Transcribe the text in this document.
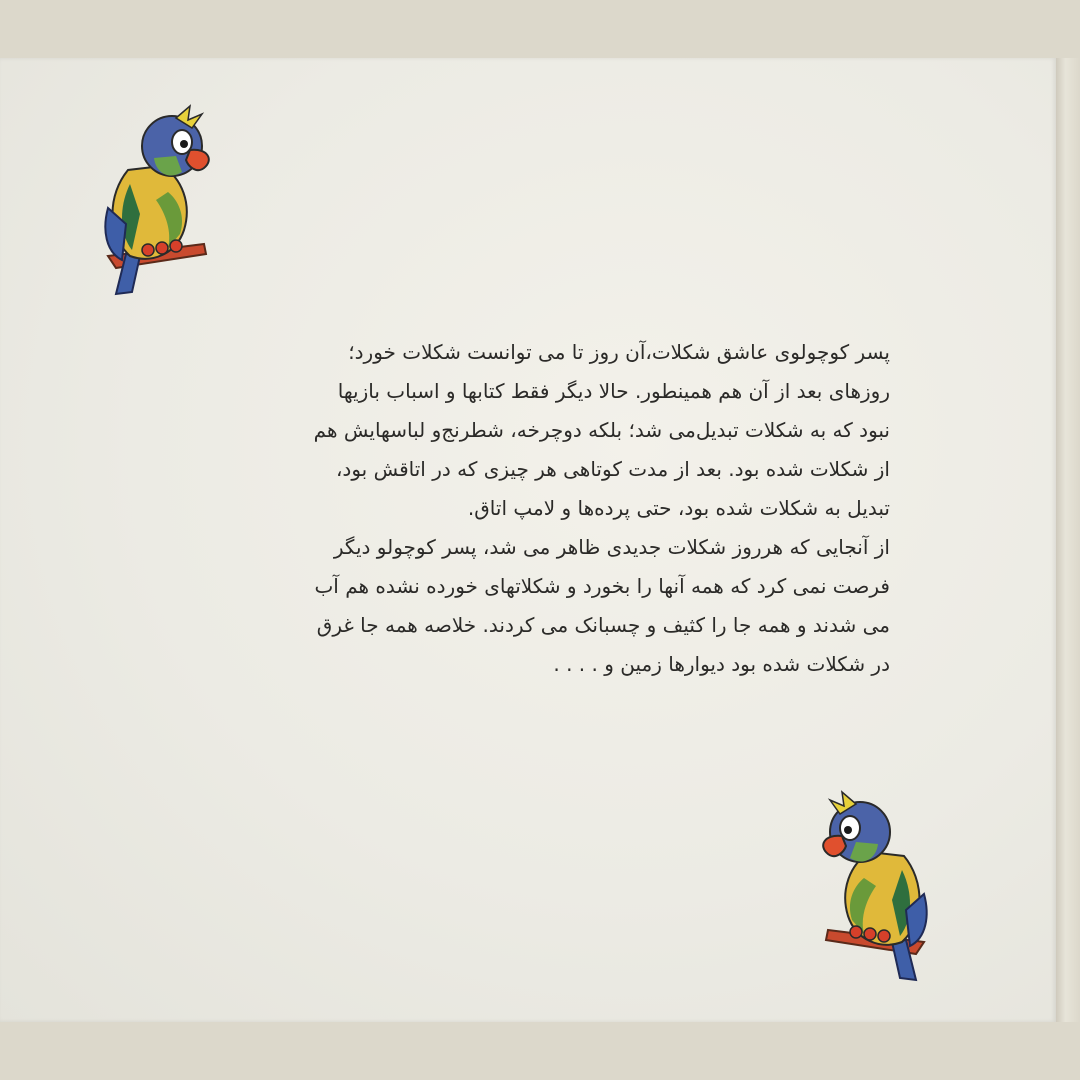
پسر کوچولوی عاشق شکلات،آن روز تا می توانست شکلات خورد؛
روزهای بعد از آن هم همینطور. حالا دیگر فقط کتابها و اسباب بازیها
نبود که به شکلات تبدیل‌می شد؛ بلکه دوچرخه، شطرنج‌و لباسهایش هم
از شکلات شده بود. بعد از مدت کوتاهی هر چیزی که در اتاقش بود،
تبدیل به شکلات شده بود، حتی پرده‌ها و لامپ اتاق.
از آنجایی که هرروز شکلات جدیدی ظاهر می شد، پسر کوچولو دیگر
فرصت نمی کرد که همه آنها را بخورد و شکلاتهای خورده نشده هم آب
می شدند و همه جا را کثیف و چسبانک می کردند. خلاصه همه جا غرق
در شکلات شده بود دیوارها زمین و . . . .
